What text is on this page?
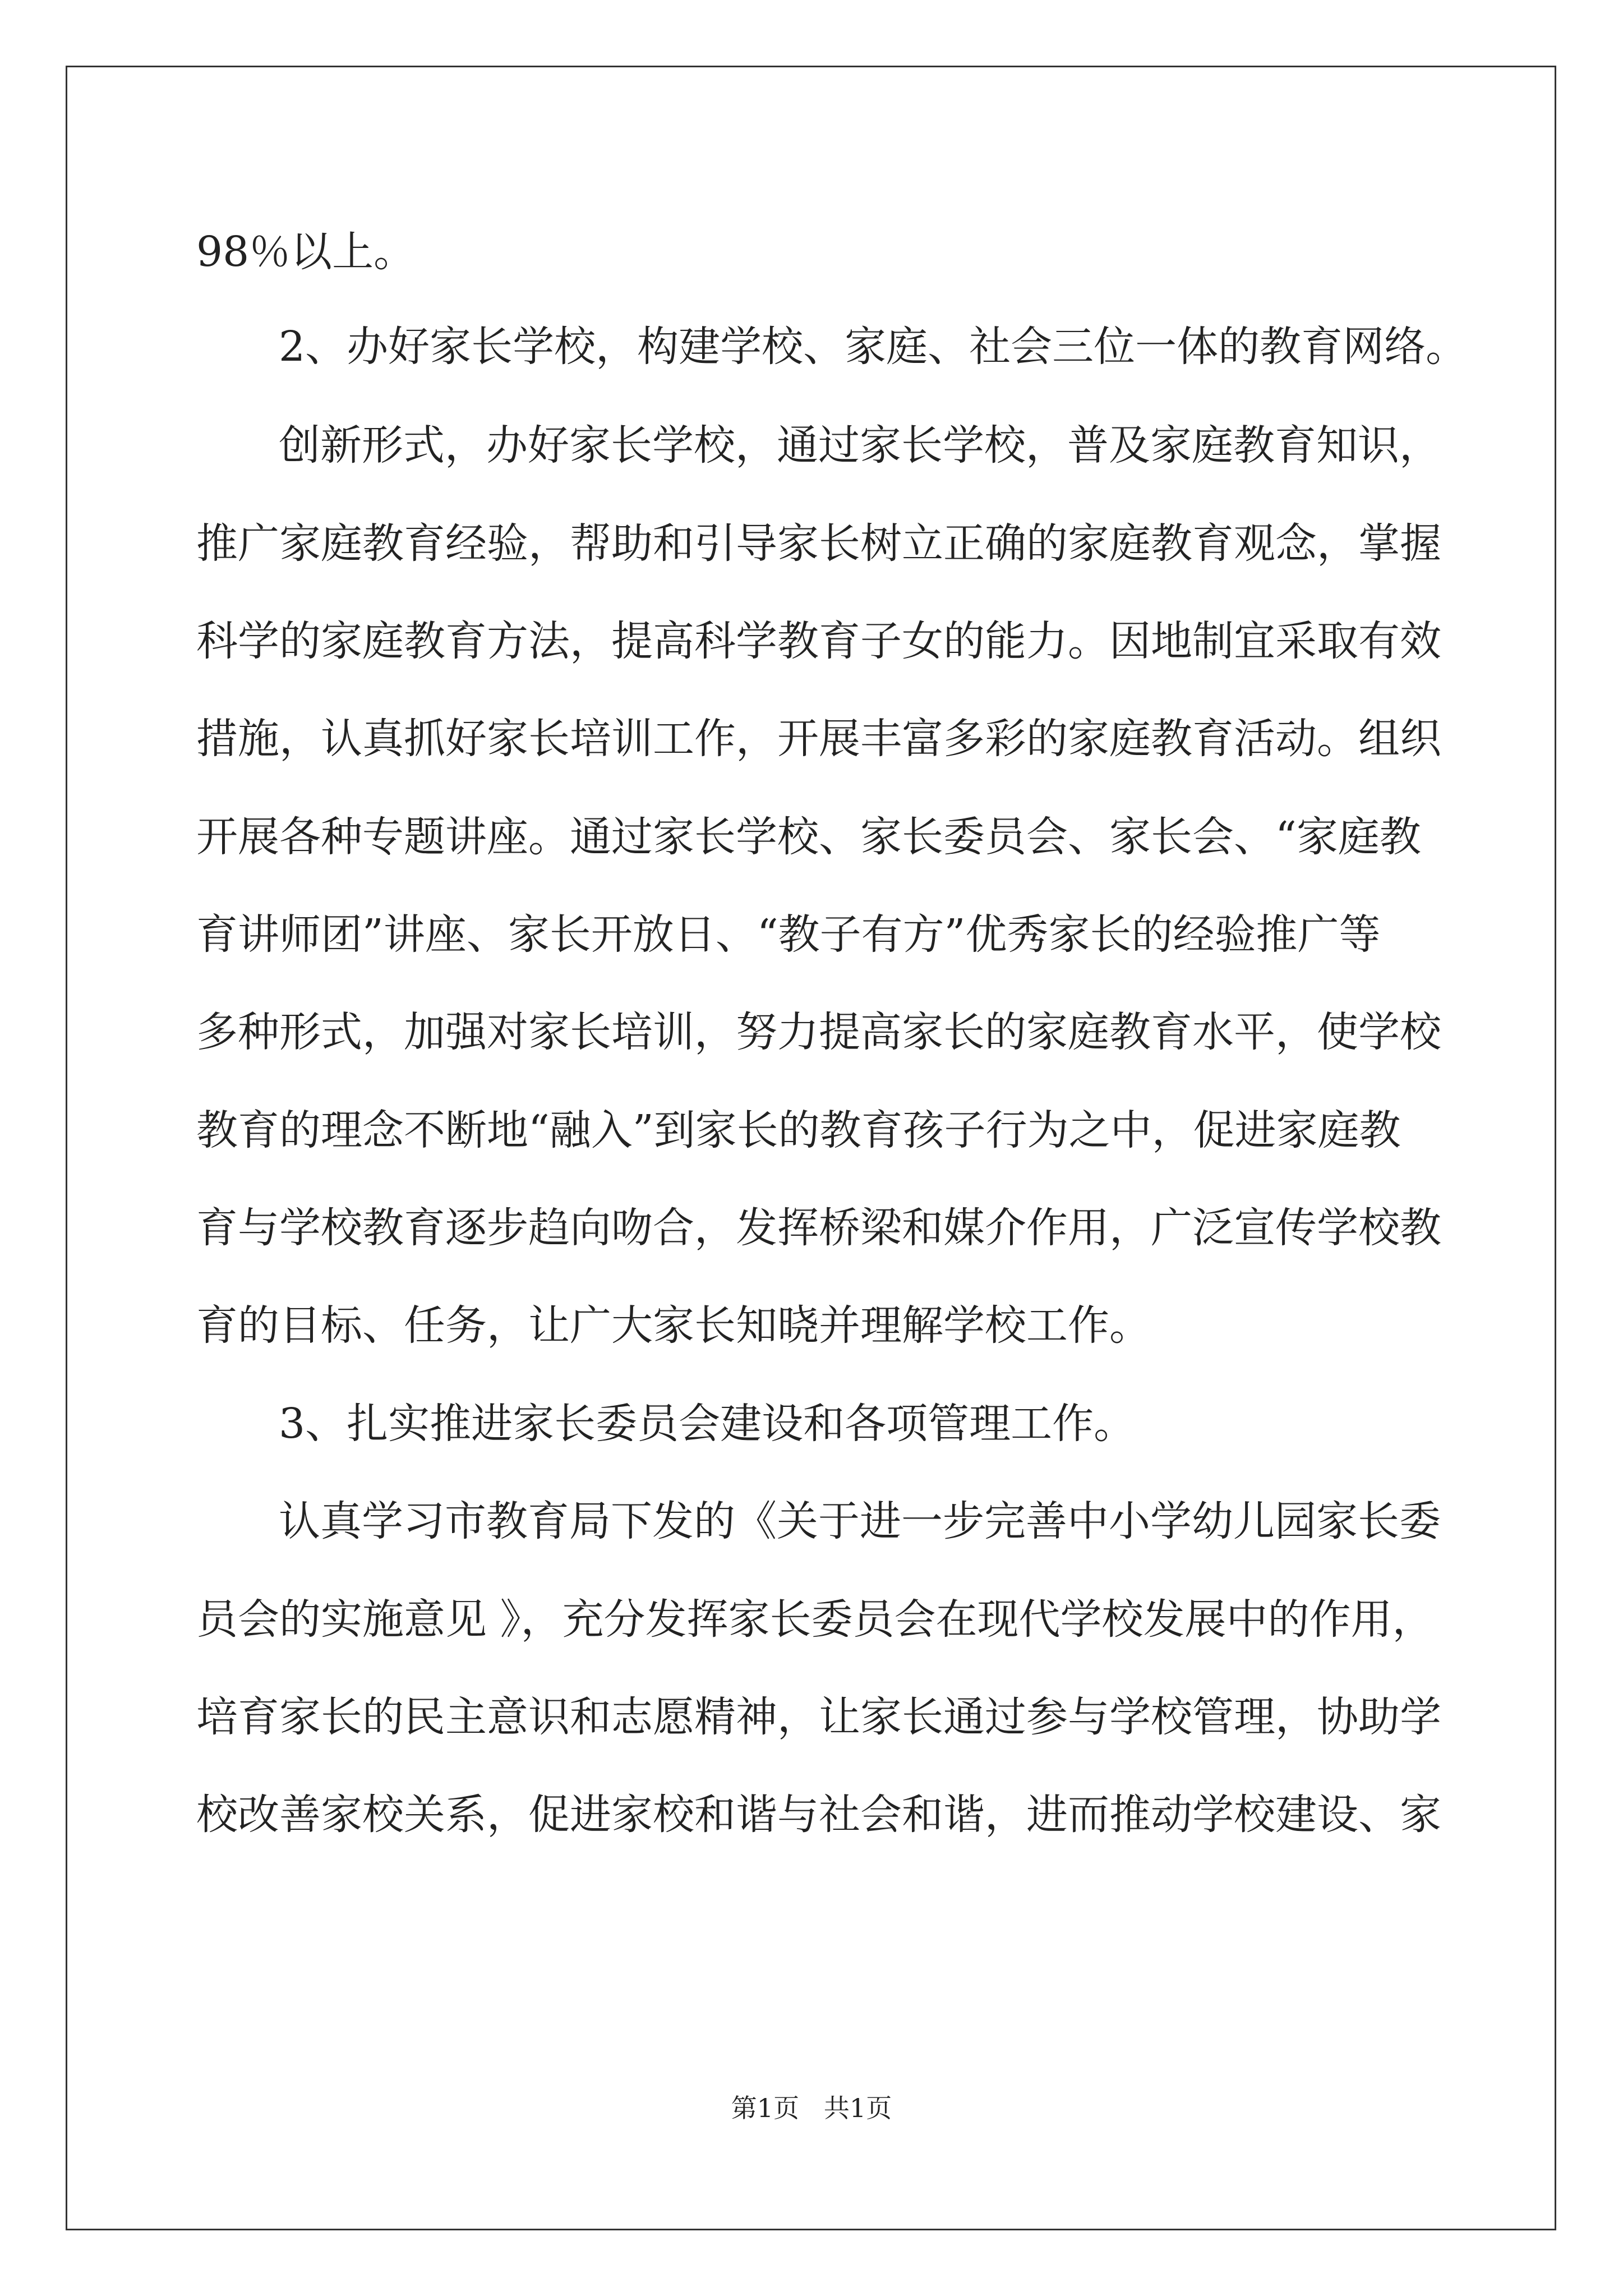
98％以上。
2、办好家长学校，构建学校、家庭、社会三位一体的教育网络。
创新形式，办好家长学校，通过家长学校，普及家庭教育知识，
推广家庭教育经验，帮助和引导家长树立正确的家庭教育观念，掌握
科学的家庭教育方法，提高科学教育子女的能力。因地制宜采取有效
措施，认真抓好家长培训工作，开展丰富多彩的家庭教育活动。组织
开展各种专题讲座。通过家长学校、家长委员会、家长会、“家庭教
育讲师团”讲座、家长开放日、“教子有方”优秀家长的经验推广等
多种形式，加强对家长培训，努力提高家长的家庭教育水平，使学校
教育的理念不断地“融入”到家长的教育孩子行为之中，促进家庭教
育与学校教育逐步趋向吻合，发挥桥梁和媒介作用，广泛宣传学校教
育的目标、任务，让广大家长知晓并理解学校工作。
3、扎实推进家长委员会建设和各项管理工作。
认真学习市教育局下发的《关于进一步完善中小学幼儿园家长委
员会的实施意见 》，充分发挥家长委员会在现代学校发展中的作用，
培育家长的民主意识和志愿精神，让家长通过参与学校管理，协助学
校改善家校关系，促进家校和谐与社会和谐，进而推动学校建设、家
第1页   共1页
